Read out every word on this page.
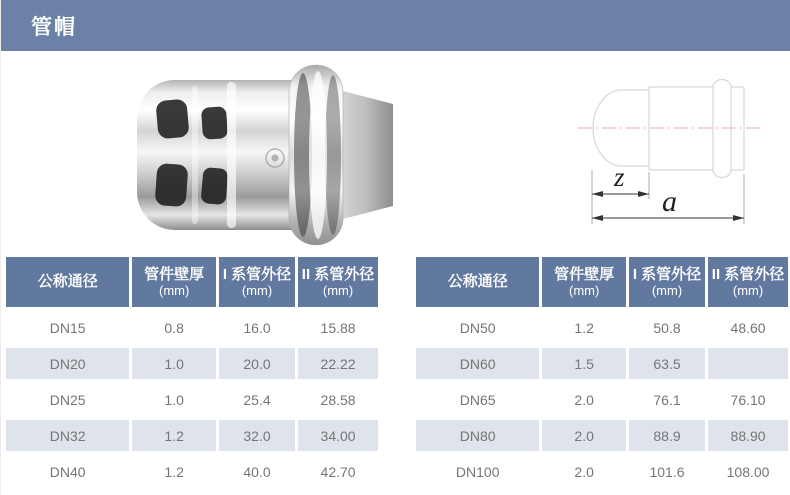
管帽
z
a
公称通径	管件壁厚
(mm)

I 系管外径
(mm)

II 系管外径
(mm)

DN15	0.8	16.0	15.88
DN20	1.0	20.0	22.22
DN25	1.0	25.4	28.58
DN32	1.2	32.0	34.00
DN40	1.2	40.0	42.70
公称通径	管件壁厚
(mm)

I 系管外径
(mm)

II 系管外径
(mm)

DN50	1.2	50.8	48.60
DN60	1.5	63.5	
DN65	2.0	76.1	76.10
DN80	2.0	88.9	88.90
DN100	2.0	101.6	108.00
